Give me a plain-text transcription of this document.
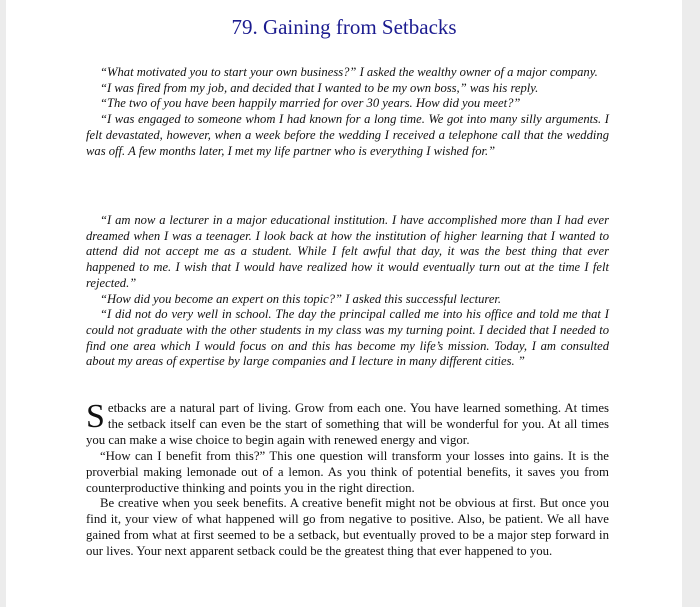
79. Gaining from Setbacks

“What motivated you to start your own business?” I asked the wealthy owner of a major company.

“I was fired from my job, and decided that I wanted to be my own boss,” was his reply.

“The two of you have been happily married for over 30 years. How did you meet?”

“I was engaged to someone whom I had known for a long time. We got into many silly arguments. I felt devastated, however, when a week before the wedding I received a telephone call that the wedding was off. A few months later, I met my life partner who is everything I wished for.”

“I am now a lecturer in a major educational institution. I have accomplished more than I had ever dreamed when I was a teenager. I look back at how the institution of higher learning that I wanted to attend did not accept me as a student. While I felt awful that day, it was the best thing that ever happened to me. I wish that I would have realized how it would eventually turn out at the time I felt rejected.”

“How did you become an expert on this topic?” I asked this successful lecturer.

“I did not do very well in school. The day the principal called me into his office and told me that I could not graduate with the other students in my class was my turning point. I decided that I needed to find one area which I would focus on and this has become my life’s mission. Today, I am consulted about my areas of expertise by large companies and I lecture in many different cities. ”

Setbacks are a natural part of living. Grow from each one. You have learned something. At times the setback itself can even be the start of something that will be wonderful for you. At all times you can make a wise choice to begin again with renewed energy and vigor.

“How can I benefit from this?” This one question will transform your losses into gains. It is the proverbial making lemonade out of a lemon. As you think of potential benefits, it saves you from counterproductive thinking and points you in the right direction.

Be creative when you seek benefits. A creative benefit might not be obvious at first. But once you find it, your view of what happened will go from negative to positive. Also, be patient. We all have gained from what at first seemed to be a setback, but eventually proved to be a major step forward in our lives. Your next apparent setback could be the greatest thing that ever happened to you.
